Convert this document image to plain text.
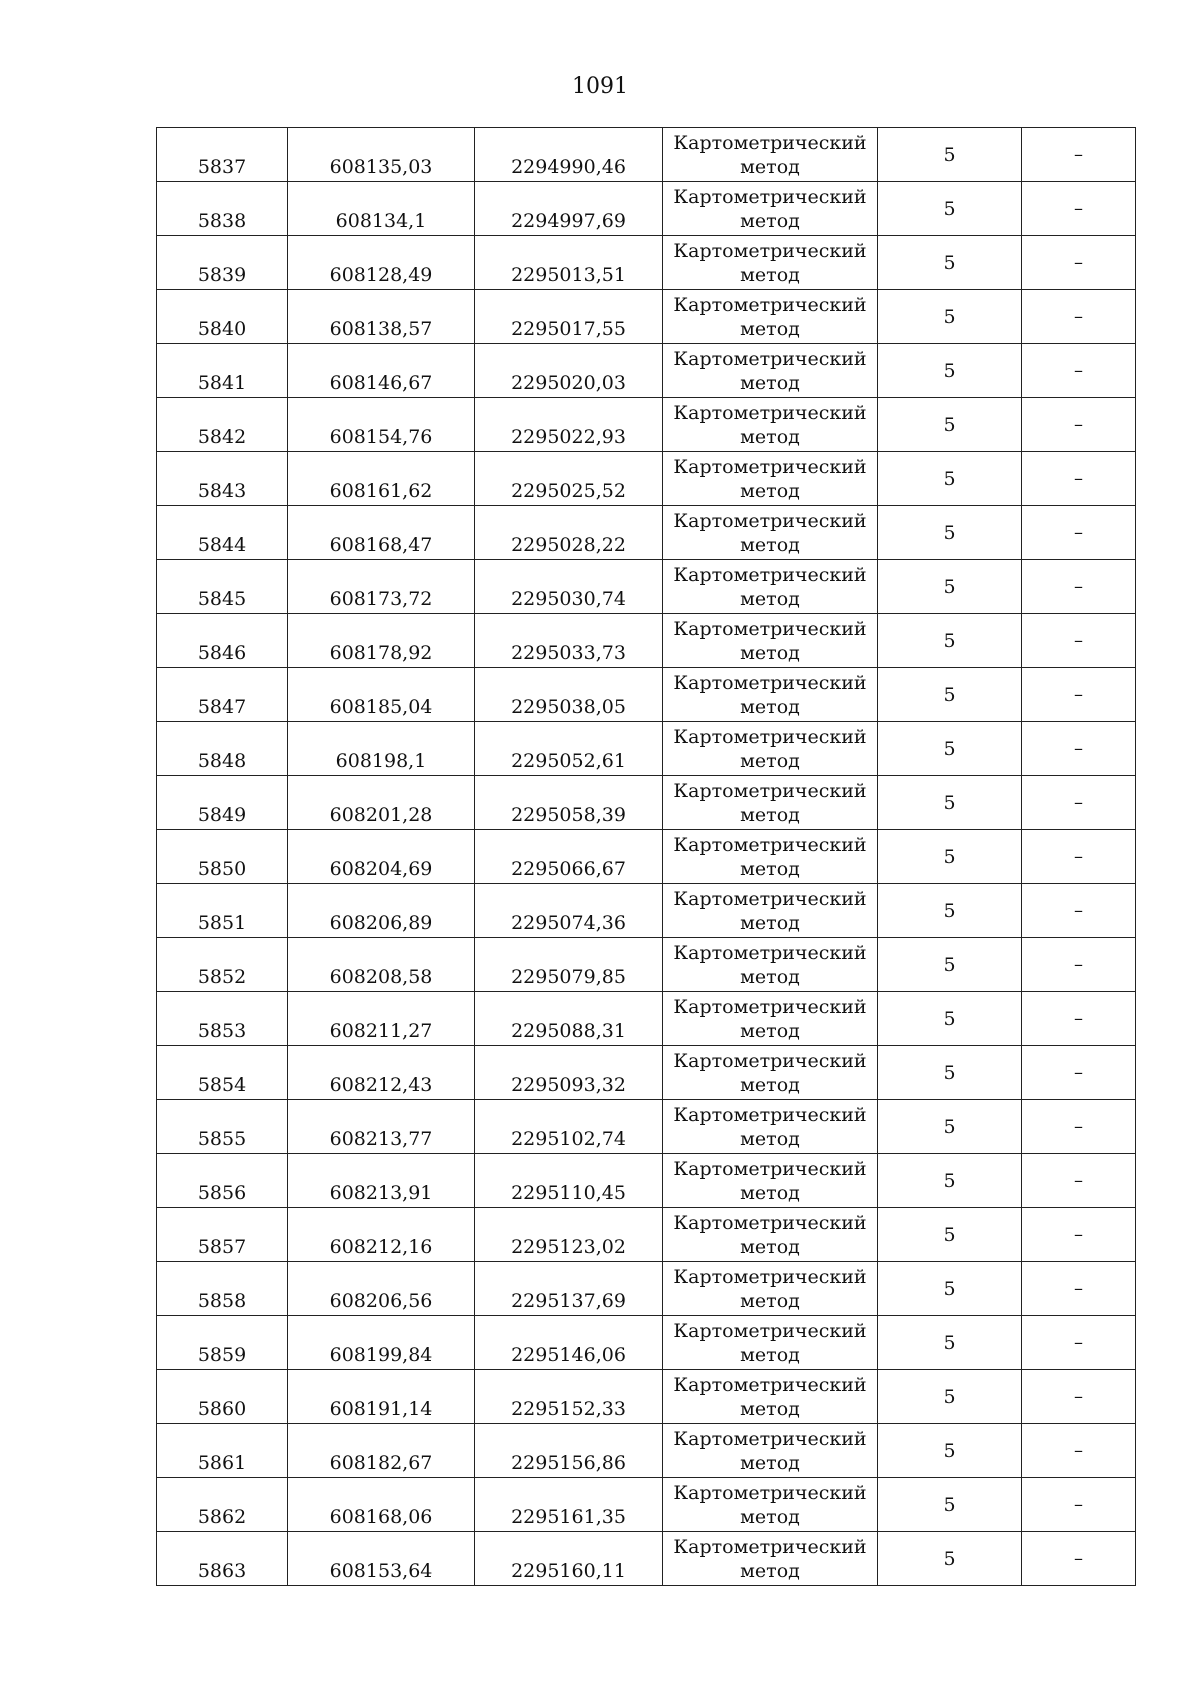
1091
5837	608135,03	2294990,46	Картометрический
метод	5	–
5838	608134,1	2294997,69	Картометрический
метод	5	–
5839	608128,49	2295013,51	Картометрический
метод	5	–
5840	608138,57	2295017,55	Картометрический
метод	5	–
5841	608146,67	2295020,03	Картометрический
метод	5	–
5842	608154,76	2295022,93	Картометрический
метод	5	–
5843	608161,62	2295025,52	Картометрический
метод	5	–
5844	608168,47	2295028,22	Картометрический
метод	5	–
5845	608173,72	2295030,74	Картометрический
метод	5	–
5846	608178,92	2295033,73	Картометрический
метод	5	–
5847	608185,04	2295038,05	Картометрический
метод	5	–
5848	608198,1	2295052,61	Картометрический
метод	5	–
5849	608201,28	2295058,39	Картометрический
метод	5	–
5850	608204,69	2295066,67	Картометрический
метод	5	–
5851	608206,89	2295074,36	Картометрический
метод	5	–
5852	608208,58	2295079,85	Картометрический
метод	5	–
5853	608211,27	2295088,31	Картометрический
метод	5	–
5854	608212,43	2295093,32	Картометрический
метод	5	–
5855	608213,77	2295102,74	Картометрический
метод	5	–
5856	608213,91	2295110,45	Картометрический
метод	5	–
5857	608212,16	2295123,02	Картометрический
метод	5	–
5858	608206,56	2295137,69	Картометрический
метод	5	–
5859	608199,84	2295146,06	Картометрический
метод	5	–
5860	608191,14	2295152,33	Картометрический
метод	5	–
5861	608182,67	2295156,86	Картометрический
метод	5	–
5862	608168,06	2295161,35	Картометрический
метод	5	–
5863	608153,64	2295160,11	Картометрический
метод	5	–
